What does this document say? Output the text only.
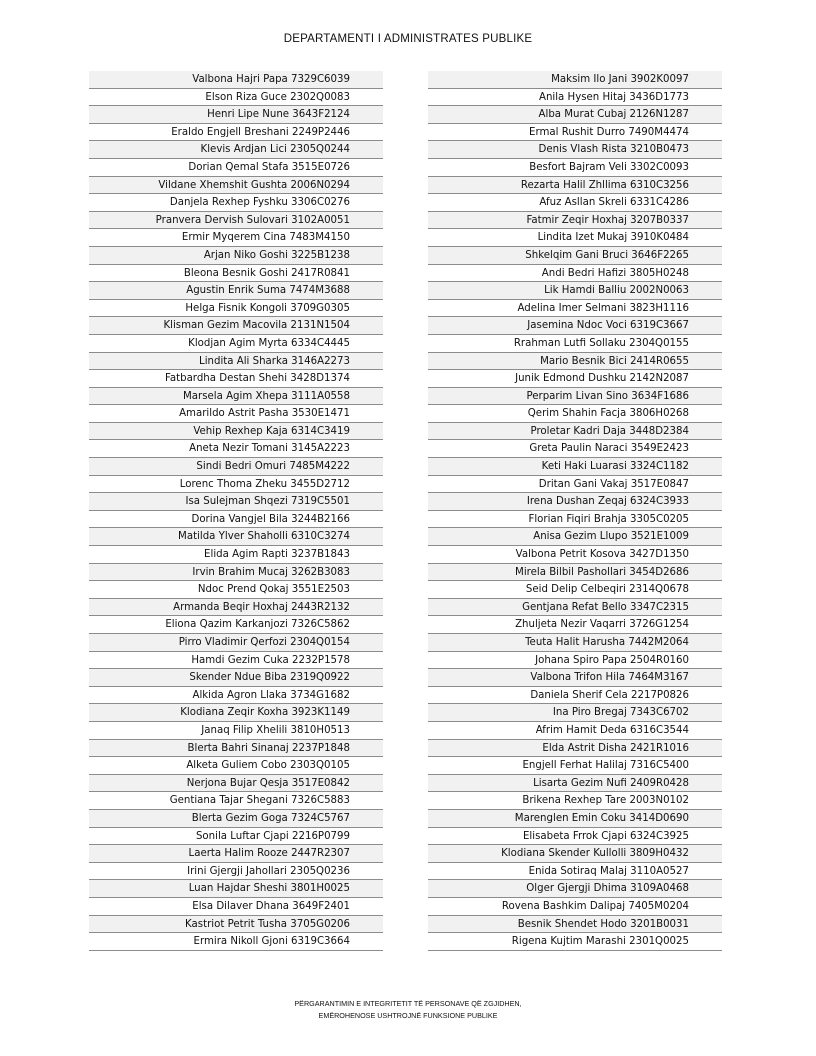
DEPARTAMENTI I ADMINISTRATES PUBLIKE
Valbona Hajri Papa 7329C6039
Elson Riza Guce 2302Q0083
Henri Lipe Nune 3643F2124
Eraldo Engjell Breshani 2249P2446
Klevis Ardjan Lici 2305Q0244
Dorian Qemal Stafa 3515E0726
Vildane Xhemshit Gushta 2006N0294
Danjela Rexhep Fyshku 3306C0276
Pranvera Dervish Sulovari 3102A0051
Ermir Myqerem Cina 7483M4150
Arjan Niko Goshi 3225B1238
Bleona Besnik Goshi 2417R0841
Agustin Enrik Suma 7474M3688
Helga Fisnik Kongoli 3709G0305
Klisman Gezim Macovila 2131N1504
Klodjan Agim Myrta 6334C4445
Lindita Ali Sharka 3146A2273
Fatbardha Destan Shehi 3428D1374
Marsela Agim Xhepa 3111A0558
Amarildo Astrit Pasha 3530E1471
Vehip Rexhep Kaja 6314C3419
Aneta Nezir Tomani 3145A2223
Sindi Bedri Omuri 7485M4222
Lorenc Thoma Zheku 3455D2712
Isa Sulejman Shqezi 7319C5501
Dorina Vangjel Bila 3244B2166
Matilda Ylver Shaholli 6310C3274
Elida Agim Rapti 3237B1843
Irvin Brahim Mucaj 3262B3083
Ndoc Prend Qokaj 3551E2503
Armanda Beqir Hoxhaj 2443R2132
Eliona Qazim Karkanjozi 7326C5862
Pirro Vladimir Qerfozi 2304Q0154
Hamdi Gezim Cuka 2232P1578
Skender Ndue Biba 2319Q0922
Alkida Agron Llaka 3734G1682
Klodiana Zeqir Koxha 3923K1149
Janaq Filip Xhelili 3810H0513
Blerta Bahri Sinanaj 2237P1848
Alketa Guliem Cobo 2303Q0105
Nerjona Bujar Qesja 3517E0842
Gentiana Tajar Shegani 7326C5883
Blerta Gezim Goga 7324C5767
Sonila Luftar Cjapi 2216P0799
Laerta Halim Rooze 2447R2307
Irini Gjergji Jahollari 2305Q0236
Luan Hajdar Sheshi 3801H0025
Elsa Dilaver Dhana 3649F2401
Kastriot Petrit Tusha 3705G0206
Ermira Nikoll Gjoni 6319C3664
Maksim Ilo Jani 3902K0097
Anila Hysen Hitaj 3436D1773
Alba Murat Cubaj 2126N1287
Ermal Rushit Durro 7490M4474
Denis Vlash Rista 3210B0473
Besfort Bajram Veli 3302C0093
Rezarta Halil Zhllima 6310C3256
Afuz Asllan Skreli 6331C4286
Fatmir Zeqir Hoxhaj 3207B0337
Lindita Izet Mukaj 3910K0484
Shkelqim Gani Bruci 3646F2265
Andi Bedri Hafizi 3805H0248
Lik Hamdi Balliu 2002N0063
Adelina Imer Selmani 3823H1116
Jasemina Ndoc Voci 6319C3667
Rrahman Lutfi Sollaku 2304Q0155
Mario Besnik Bici 2414R0655
Junik Edmond Dushku 2142N2087
Perparim Livan Sino 3634F1686
Qerim Shahin Facja 3806H0268
Proletar Kadri Daja 3448D2384
Greta Paulin Naraci 3549E2423
Keti Haki Luarasi 3324C1182
Dritan Gani Vakaj 3517E0847
Irena Dushan Zeqaj 6324C3933
Florian Fiqiri Brahja 3305C0205
Anisa Gezim Llupo 3521E1009
Valbona Petrit Kosova 3427D1350
Mirela Bilbil Pashollari 3454D2686
Seid Delip Celbeqiri 2314Q0678
Gentjana Refat Bello 3347C2315
Zhuljeta Nezir Vaqarri 3726G1254
Teuta Halit Harusha 7442M2064
Johana Spiro Papa 2504R0160
Valbona Trifon Hila 7464M3167
Daniela Sherif Cela 2217P0826
Ina Piro Bregaj 7343C6702
Afrim Hamit Deda 6316C3544
Elda Astrit Disha 2421R1016
Engjell Ferhat Halilaj 7316C5400
Lisarta Gezim Nufi 2409R0428
Brikena Rexhep Tare 2003N0102
Marenglen Emin Coku 3414D0690
Elisabeta Frrok Cjapi 6324C3925
Klodiana Skender Kullolli 3809H0432
Enida Sotiraq Malaj 3110A0527
Olger Gjergji Dhima 3109A0468
Rovena Bashkim Dalipaj 7405M0204
Besnik Shendet Hodo 3201B0031
Rigena Kujtim Marashi 2301Q0025
PËRGARANTIMIN E INTEGRITETIT TË PERSONAVE QË ZGJIDHEN,
EMËROHENOSE USHTROJNË FUNKSIONE PUBLIKE
